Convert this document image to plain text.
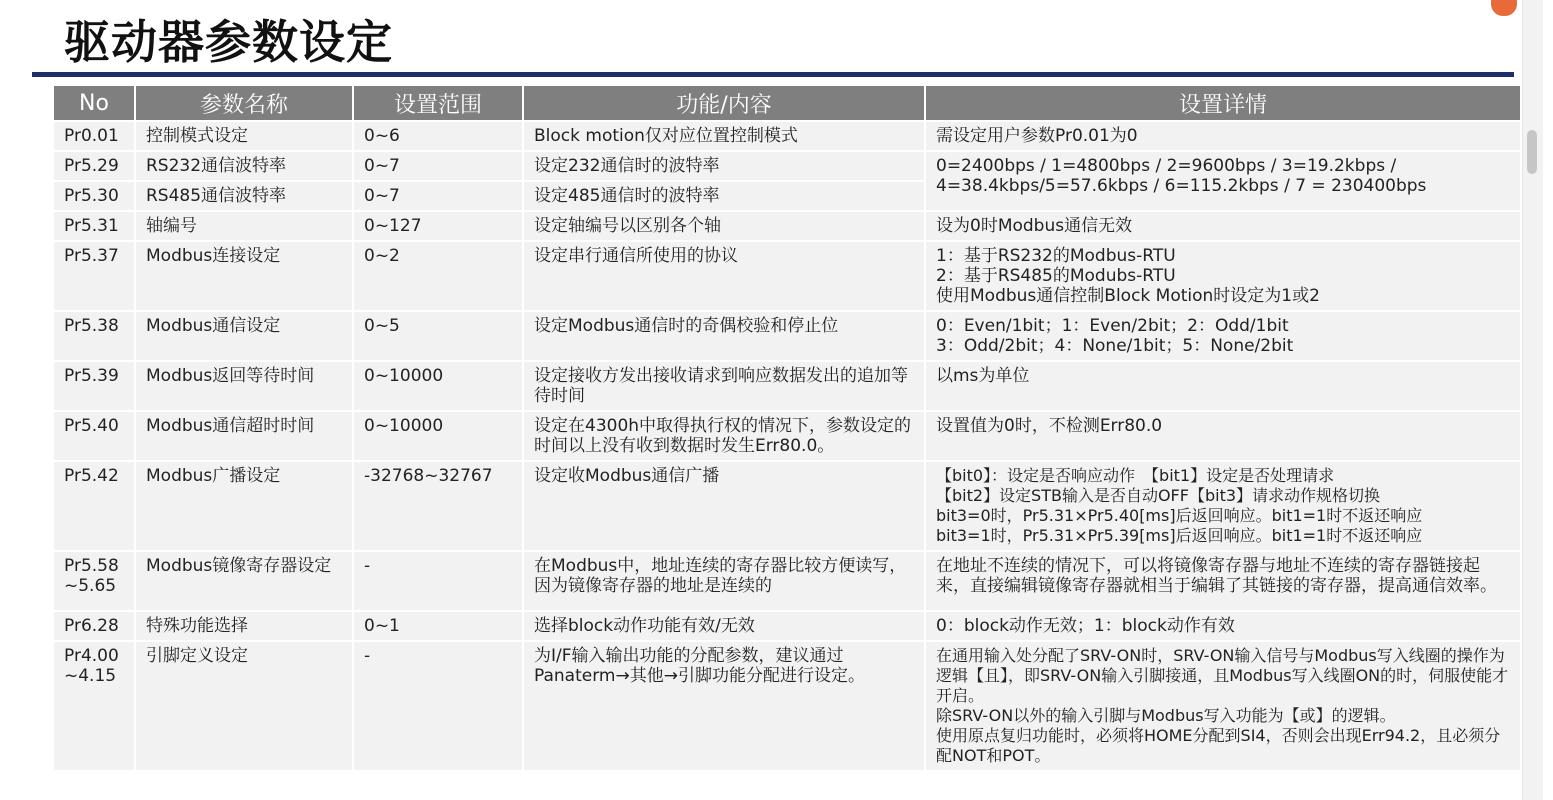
驱动器参数设定
No	参数名称	设置范围	功能/内容	设置详情
Pr0.01	控制模式设定	0~6	Block motion仅对应位置控制模式	需设定用户参数Pr0.01为0
Pr5.29	RS232通信波特率	0~7	设定232通信时的波特率	0=2400bps / 1=4800bps / 2=9600bps / 3=19.2kbps /
4=38.4kbps/5=57.6kbps / 6=115.2kbps / 7 = 230400bps
Pr5.30	RS485通信波特率	0~7	设定485通信时的波特率	
Pr5.31	轴编号	0~127	设定轴编号以区别各个轴	设为0时Modbus通信无效
Pr5.37	Modbus连接设定	0~2	设定串行通信所使用的协议	1：基于RS232的Modbus-RTU
2：基于RS485的Modubs-RTU
使用Modbus通信控制Block Motion时设定为1或2
Pr5.38	Modbus通信设定	0~5	设定Modbus通信时的奇偶校验和停止位	0：Even/1bit；1：Even/2bit；2：Odd/1bit
3：Odd/2bit；4：None/1bit；5：None/2bit
Pr5.39	Modbus返回等待时间	0~10000	设定接收方发出接收请求到响应数据发出的追加等待时间	以ms为单位
Pr5.40	Modbus通信超时时间	0~10000	设定在4300h中取得执行权的情况下，参数设定的时间以上没有收到数据时发生Err80.0。	设置值为0时，不检测Err80.0
Pr5.42	Modbus广播设定	-32768~32767	设定收Modbus通信广播	【bit0】：设定是否响应动作　【bit1】设定是否处理请求
【bit2】设定STB输入是否自动OFF【bit3】请求动作规格切换
bit3=0时，Pr5.31×Pr5.40[ms]后返回响应。bit1=1时不返还响应
bit3=1时，Pr5.31×Pr5.39[ms]后返回响应。bit1=1时不返还响应
Pr5.58
~5.65	Modbus镜像寄存器设定	-	在Modbus中，地址连续的寄存器比较方便读写，因为镜像寄存器的地址是连续的	在地址不连续的情况下，可以将镜像寄存器与地址不连续的寄存器链接起来，直接编辑镜像寄存器就相当于编辑了其链接的寄存器，提高通信效率。
Pr6.28	特殊功能选择	0~1	选择block动作功能有效/无效	0：block动作无效；1：block动作有效
Pr4.00
~4.15	引脚定义设定	-	为I/F输入输出功能的分配参数，建议通过Panaterm→其他→引脚功能分配进行设定。	在通用输入处分配了SRV-ON时，SRV-ON输入信号与Modbus写入线圈的操作为逻辑【且】，即SRV-ON输入引脚接通，且Modbus写入线圈ON的时，伺服使能才开启。
除SRV-ON以外的输入引脚与Modbus写入功能为【或】的逻辑。
使用原点复归功能时，必须将HOME分配到SI4，否则会出现Err94.2，且必须分配NOT和POT。
